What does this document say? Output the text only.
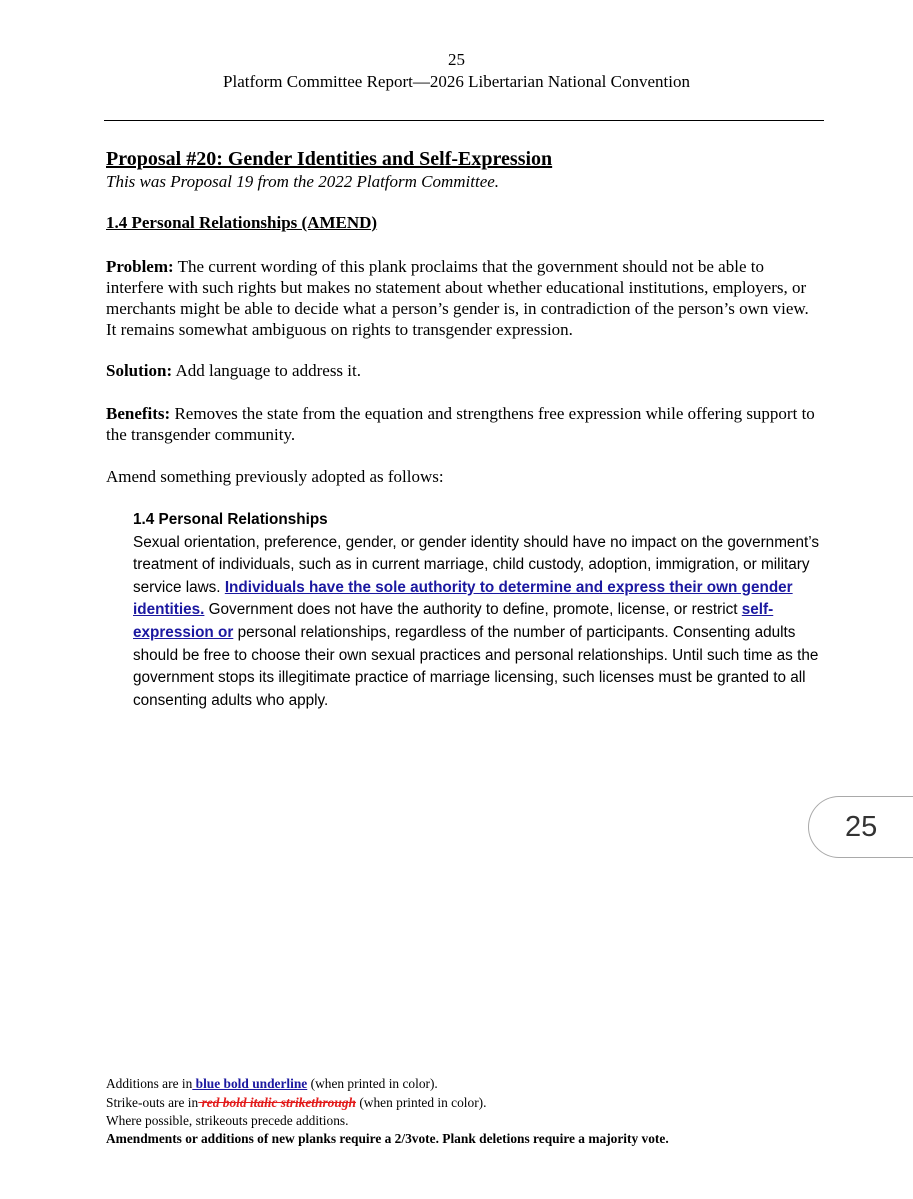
25
Platform Committee Report—2026 Libertarian National Convention
Proposal #20: Gender Identities and Self-Expression
This was Proposal 19 from the 2022 Platform Committee.
1.4 Personal Relationships (AMEND)
Problem: The current wording of this plank proclaims that the government should not be able to interfere with such rights but makes no statement about whether educational institutions, employers, or merchants might be able to decide what a person’s gender is, in contradiction of the person’s own view. It remains somewhat ambiguous on rights to transgender expression.
Solution: Add language to address it.
Benefits: Removes the state from the equation and strengthens free expression while offering support to the transgender community.
Amend something previously adopted as follows:
1.4 Personal Relationships
Sexual orientation, preference, gender, or gender identity should have no impact on the government’s treatment of individuals, such as in current marriage, child custody, adoption, immigration, or military service laws. Individuals have the sole authority to determine and express their own gender identities. Government does not have the authority to define, promote, license, or restrict self-expression or personal relationships, regardless of the number of participants. Consenting adults should be free to choose their own sexual practices and personal relationships. Until such time as the government stops its illegitimate practice of marriage licensing, such licenses must be granted to all consenting adults who apply.
25
Additions are in blue bold underline (when printed in color).
Strike-outs are in red bold italic strikethrough (when printed in color).
Where possible, strikeouts precede additions.
Amendments or additions of new planks require a 2/3vote. Plank deletions require a majority vote.
